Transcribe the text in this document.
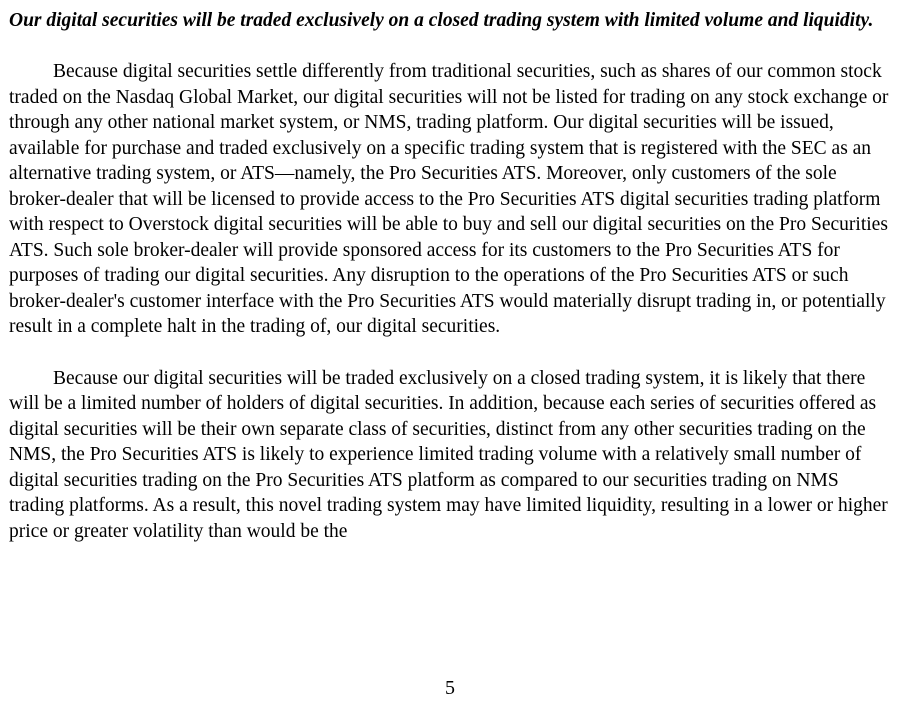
Our digital securities will be traded exclusively on a closed trading system with limited volume and liquidity.

Because digital securities settle differently from traditional securities, such as shares of our common stock traded on the Nasdaq Global Market, our digital securities will not be listed for trading on any stock exchange or through any other national market system, or NMS, trading platform. Our digital securities will be issued, available for purchase and traded exclusively on a specific trading system that is registered with the SEC as an alternative trading system, or ATS—namely, the Pro Securities ATS. Moreover, only customers of the sole broker-dealer that will be licensed to provide access to the Pro Securities ATS digital securities trading platform with respect to Overstock digital securities will be able to buy and sell our digital securities on the Pro Securities ATS. Such sole broker-dealer will provide sponsored access for its customers to the Pro Securities ATS for purposes of trading our digital securities. Any disruption to the operations of the Pro Securities ATS or such broker-dealer's customer interface with the Pro Securities ATS would materially disrupt trading in, or potentially result in a complete halt in the trading of, our digital securities.

Because our digital securities will be traded exclusively on a closed trading system, it is likely that there will be a limited number of holders of digital securities. In addition, because each series of securities offered as digital securities will be their own separate class of securities, distinct from any other securities trading on the NMS, the Pro Securities ATS is likely to experience limited trading volume with a relatively small number of digital securities trading on the Pro Securities ATS platform as compared to our securities trading on NMS trading platforms. As a result, this novel trading system may have limited liquidity, resulting in a lower or higher price or greater volatility than would be the

5
